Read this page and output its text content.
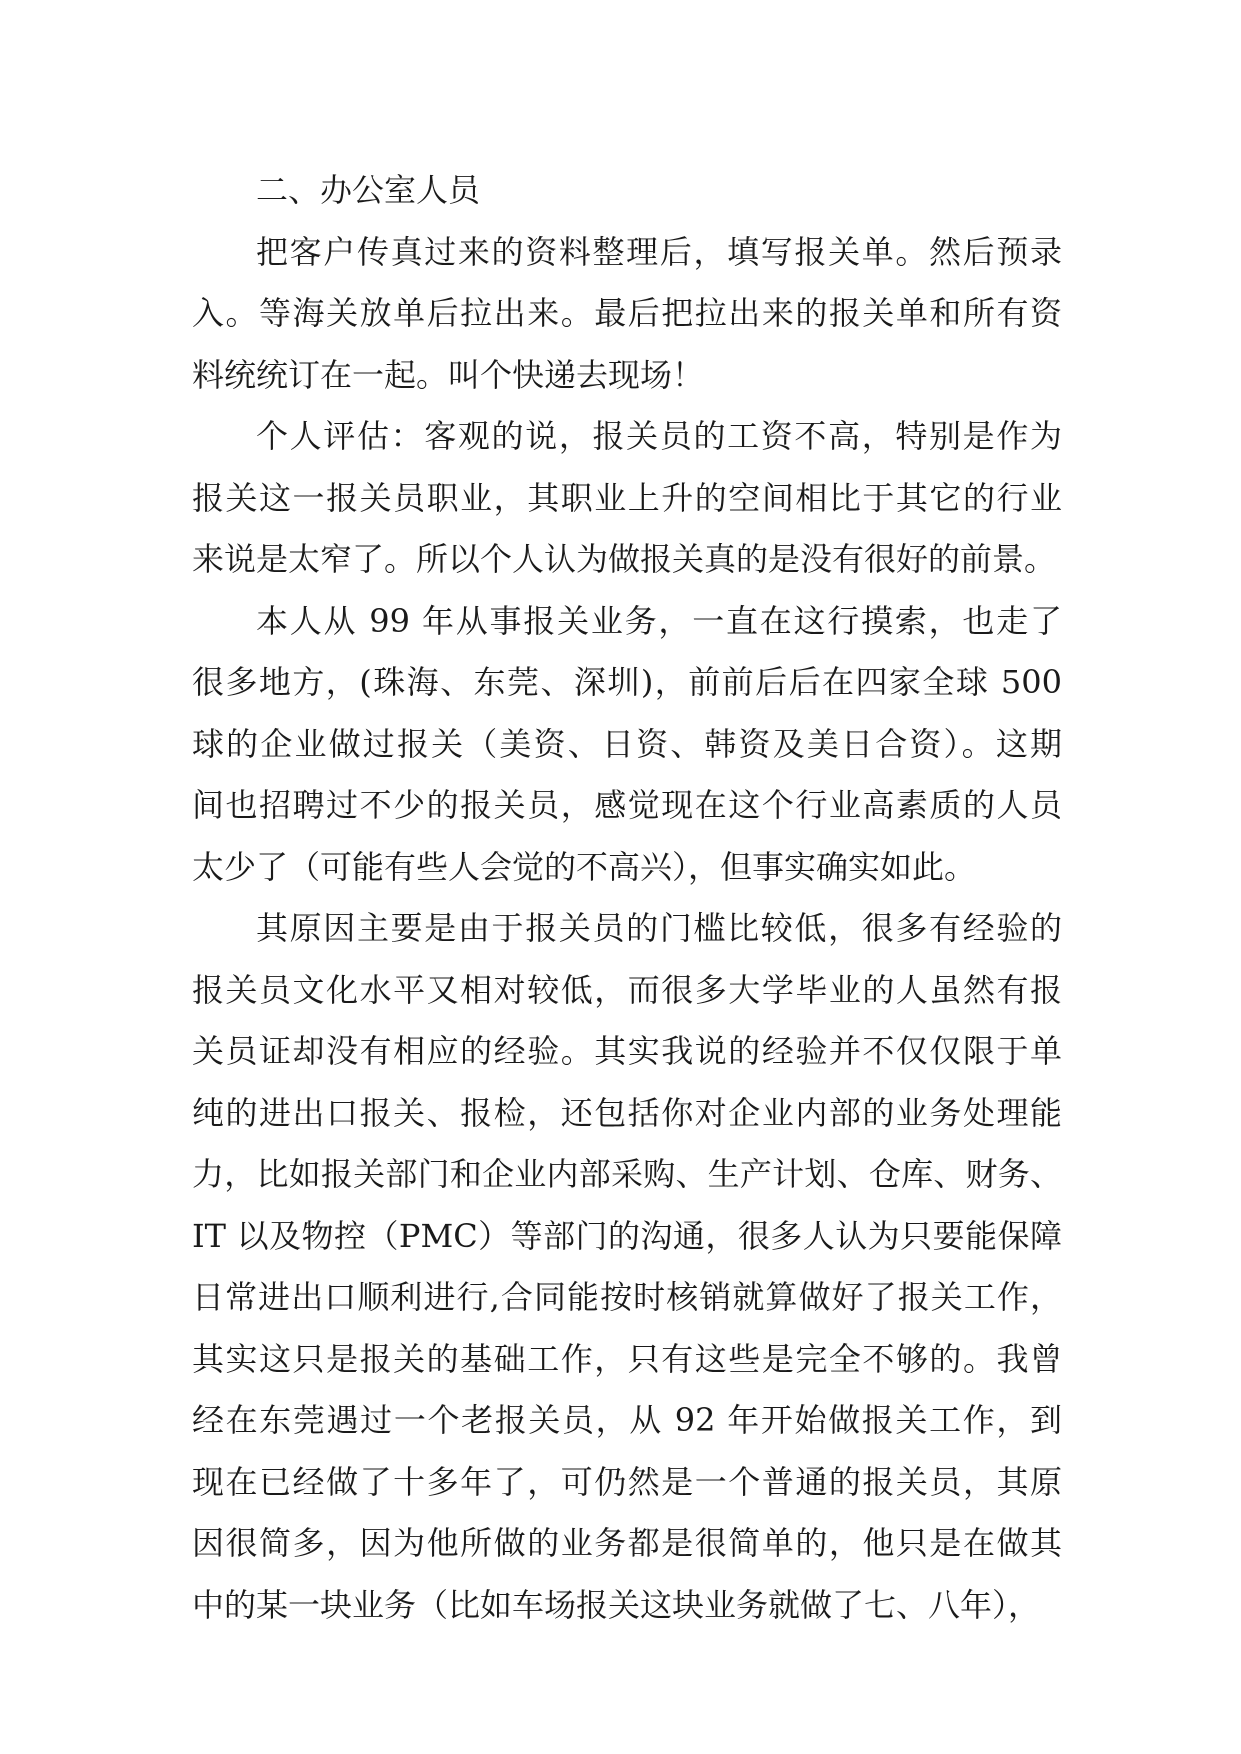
二、办公室人员
把客户传真过来的资料整理后，填写报关单。然后预录
入。等海关放单后拉出来。最后把拉出来的报关单和所有资
料统统订在一起。叫个快递去现场！
个人评估：客观的说，报关员的工资不高，特别是作为
报关这一报关员职业，其职业上升的空间相比于其它的行业
来说是太窄了。所以个人认为做报关真的是没有很好的前景。
本人从 99 年从事报关业务，一直在这行摸索，也走了
很多地方，(珠海、东莞、深圳)，前前后后在四家全球 500
球的企业做过报关（美资、日资、韩资及美日合资）。这期
间也招聘过不少的报关员，感觉现在这个行业高素质的人员
太少了（可能有些人会觉的不高兴），但事实确实如此。
其原因主要是由于报关员的门槛比较低，很多有经验的
报关员文化水平又相对较低，而很多大学毕业的人虽然有报
关员证却没有相应的经验。其实我说的经验并不仅仅限于单
纯的进出口报关、报检，还包括你对企业内部的业务处理能
力，比如报关部门和企业内部采购、生产计划、仓库、财务、
IT 以及物控（PMC）等部门的沟通，很多人认为只要能保障
日常进出口顺利进行,合同能按时核销就算做好了报关工作，
其实这只是报关的基础工作，只有这些是完全不够的。我曾
经在东莞遇过一个老报关员，从 92 年开始做报关工作，到
现在已经做了十多年了，可仍然是一个普通的报关员，其原
因很简多，因为他所做的业务都是很简单的，他只是在做其
中的某一块业务（比如车场报关这块业务就做了七、八年），
